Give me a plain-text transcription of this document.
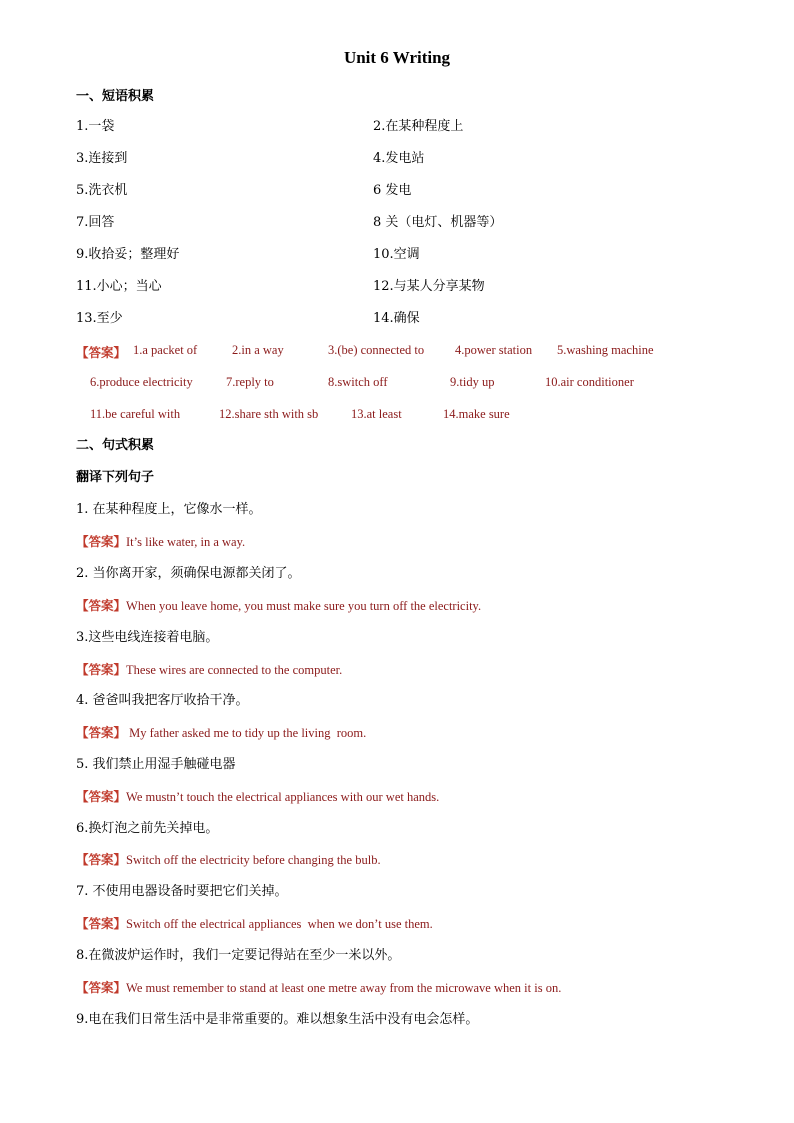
Unit 6 Writing
一、短语积累
1.一袋	2.在某种程度上
3.连接到	4.发电站
5.洗衣机	6 发电
7.回答	8 关（电灯、机器等）
9.收拾妥；整理好	10.空调
11.小心；当心	12.与某人分享某物
13.至少	14.确保
【答案】 1.a packet of	2.in a way	3.(be) connected to 4.power station 5.washing machine
6.produce electricity	7.reply to	8.switch off	9.tidy up	10.air conditioner
11.be careful with	12.share sth with sb	13.at least	14.make sure
二、句式积累
翻译下列句子
1. 在某种程度上，它像水一样。
【答案】It’s like water, in a way.
2. 当你离开家，须确保电源都关闭了。
【答案】When you leave home, you must make sure you turn off the electricity.
3.这些电线连接着电脑。
【答案】These wires are connected to the computer.
4. 爸爸叫我把客厅收拾干净。
【答案】 My father asked me to tidy up the living  room.
5. 我们禁止用湿手触碰电器
【答案】We mustn’t touch the electrical appliances with our wet hands.
6.换灯泡之前先关掉电。
【答案】Switch off the electricity before changing the bulb.
7. 不使用电器设备时要把它们关掉。
【答案】Switch off the electrical appliances  when we don’t use them.
8.在微波炉运作时，我们一定要记得站在至少一米以外。
【答案】We must remember to stand at least one metre away from the microwave when it is on.
9.电在我们日常生活中是非常重要的。难以想象生活中没有电会怎样。
